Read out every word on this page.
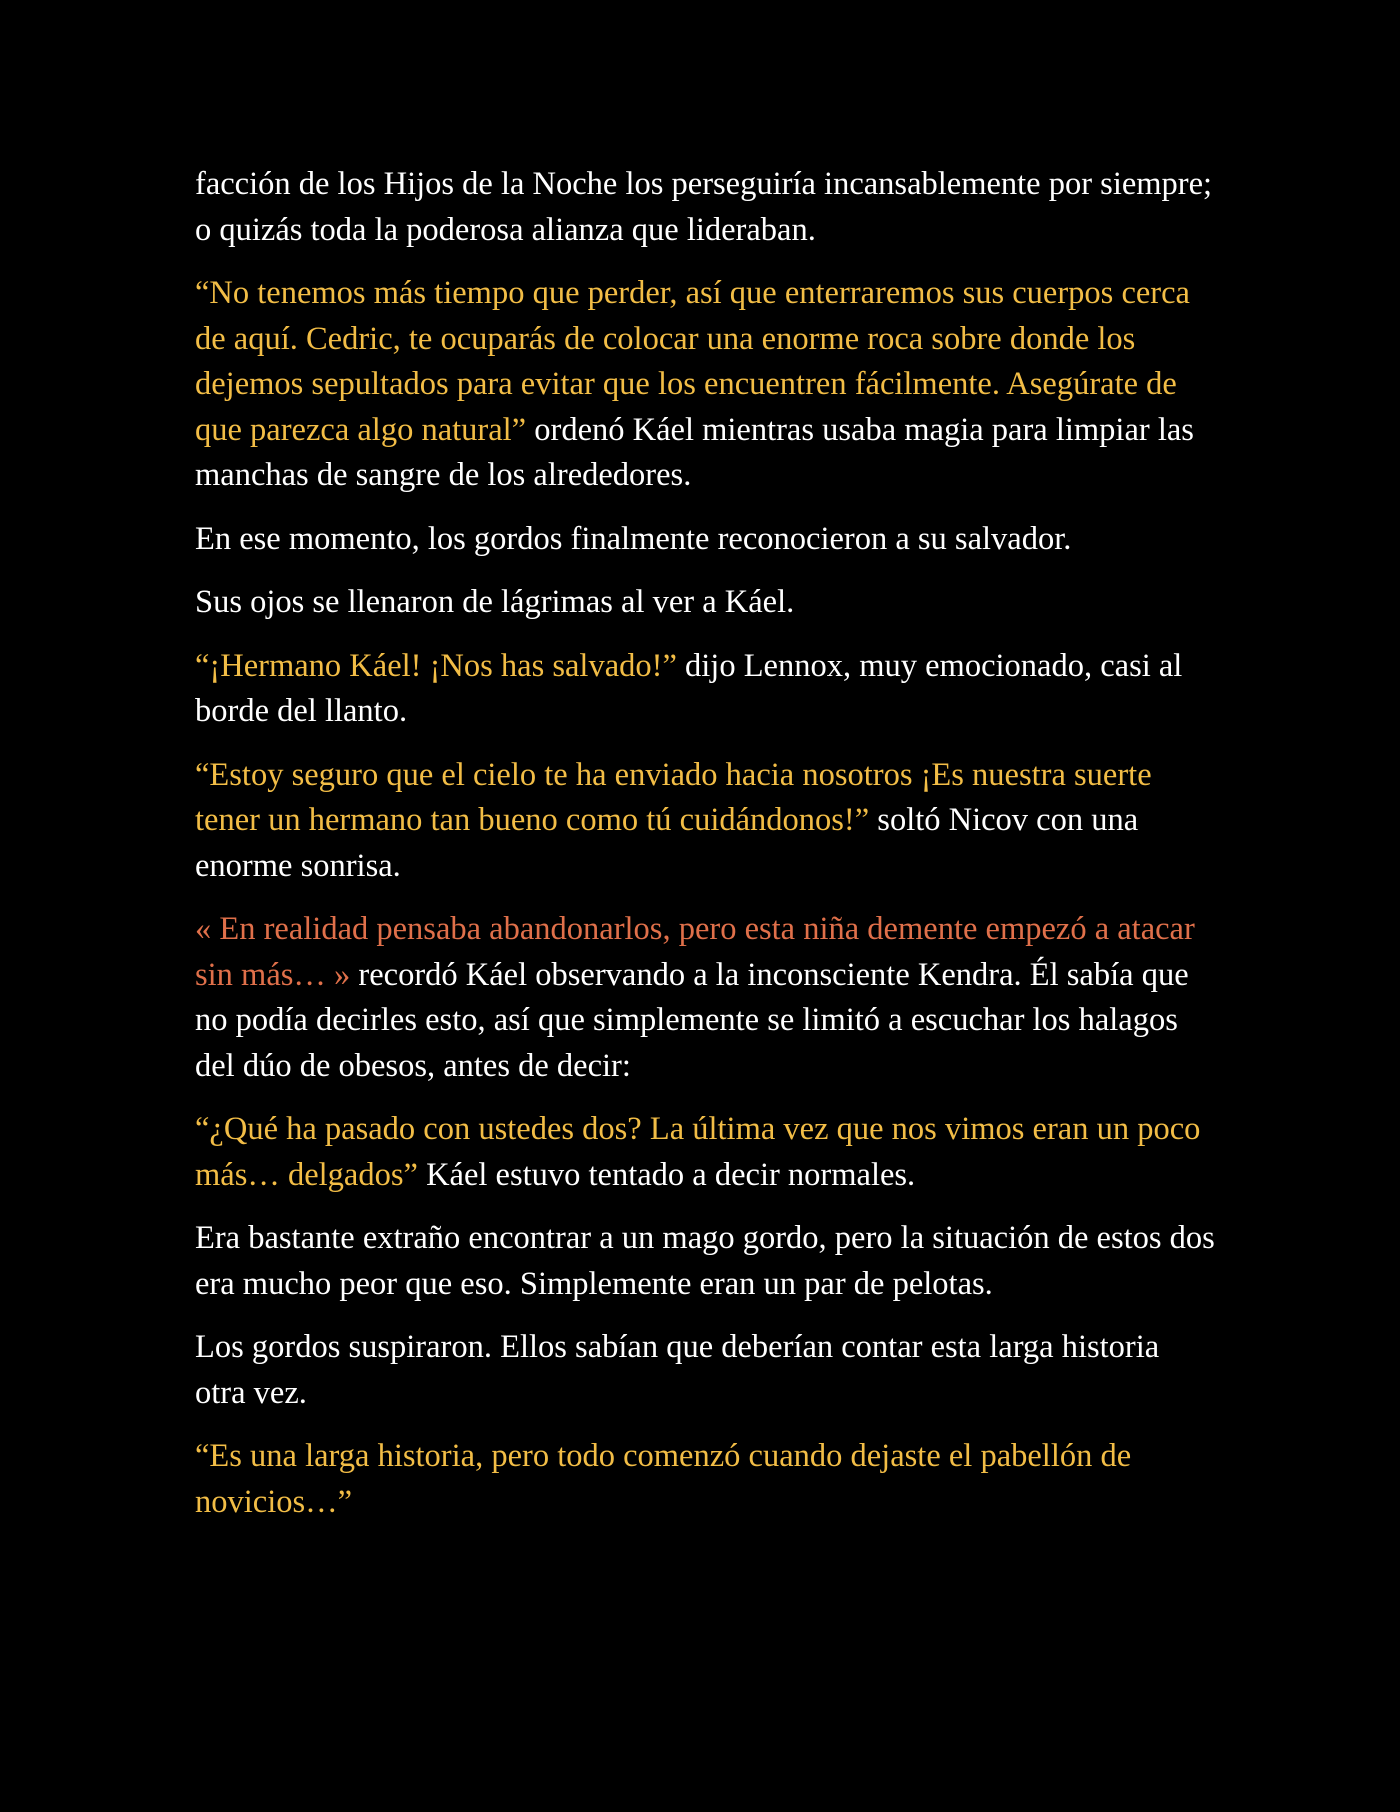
facción de los Hijos de la Noche los perseguiría incansablemente por siempre; o quizás toda la poderosa alianza que lideraban.

“No tenemos más tiempo que perder, así que enterraremos sus cuerpos cerca de aquí. Cedric, te ocuparás de colocar una enorme roca sobre donde los dejemos sepultados para evitar que los encuentren fácilmente. Asegúrate de que parezca algo natural” ordenó Káel mientras usaba magia para limpiar las manchas de sangre de los alrededores.

En ese momento, los gordos finalmente reconocieron a su salvador.

Sus ojos se llenaron de lágrimas al ver a Káel.

“¡Hermano Káel! ¡Nos has salvado!” dijo Lennox, muy emocionado, casi al borde del llanto.

“Estoy seguro que el cielo te ha enviado hacia nosotros ¡Es nuestra suerte tener un hermano tan bueno como tú cuidándonos!” soltó Nicov con una enorme sonrisa.

« En realidad pensaba abandonarlos, pero esta niña demente empezó a atacar sin más… » recordó Káel observando a la inconsciente Kendra. Él sabía que no podía decirles esto, así que simplemente se limitó a escuchar los halagos del dúo de obesos, antes de decir:

“¿Qué ha pasado con ustedes dos? La última vez que nos vimos eran un poco más… delgados” Káel estuvo tentado a decir normales.

Era bastante extraño encontrar a un mago gordo, pero la situación de estos dos era mucho peor que eso. Simplemente eran un par de pelotas.

Los gordos suspiraron. Ellos sabían que deberían contar esta larga historia otra vez.

“Es una larga historia, pero todo comenzó cuando dejaste el pabellón de novicios…”
